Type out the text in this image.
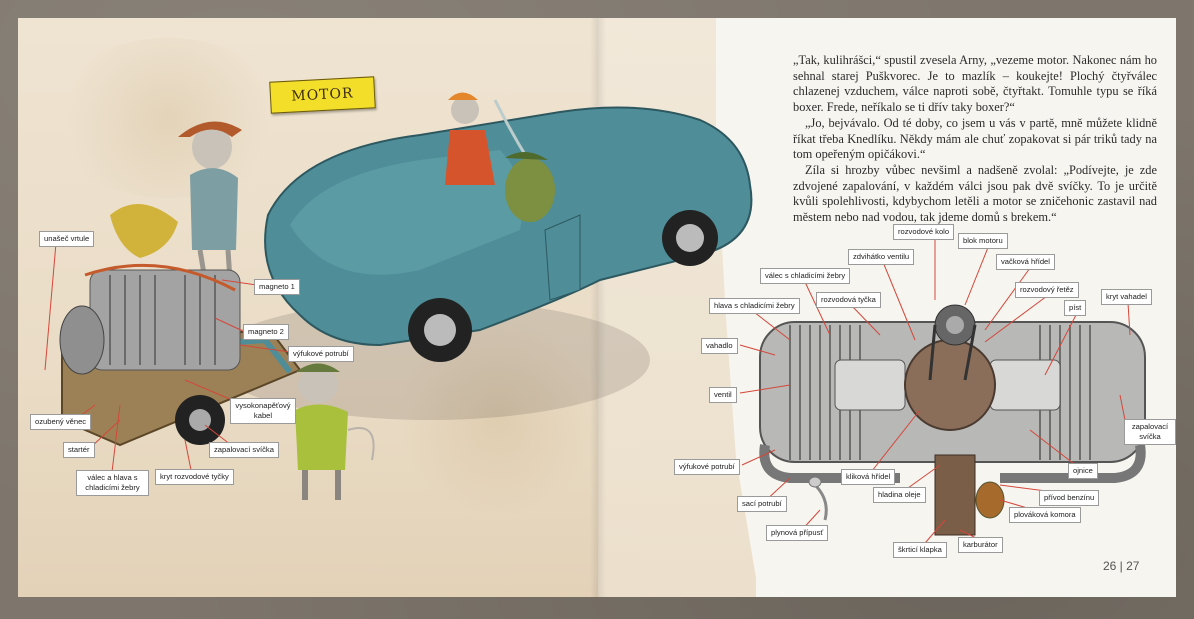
MOTOR
unašeč vrtule
magneto 1
magneto 2
výfukové potrubí
ozubený věnec
vysokonapěťový kabel
startér	zapalovací svíčka
válec a hlava s chladicími žebry
kryt rozvodové tyčky

„Tak, kulihrášci,“ spustil zvesela Arny, „vezeme motor. Nakonec nám ho sehnal starej Puškvorec. Je to mazlík – koukejte! Plochý čtyřválec chlazenej vzduchem, válce naproti sobě, čtyřtakt. Tomuhle typu se říká boxer. Frede, neříkalo se ti dřív taky boxer?“

„Jo, bejvávalo. Od té doby, co jsem u vás v partě, mně můžete klidně říkat třeba Knedlíku. Někdy mám ale chuť zopakovat si pár triků tady na tom opeřeným opičákovi.“

Zíla si hrozby vůbec nevšiml a nadšeně zvolal: „Podívejte, je zde zdvojené zapalování, v každém válci jsou pak dvě svíčky. To je určitě kvůli spolehlivosti, kdybychom letěli a motor se zničehonic zastavil nad městem nebo nad vodou, tak jdeme domů s brekem.“

rozvodové kolo
blok motoru
zdvihátko ventilu
vačková hřídel
válec s chladicími žebry
rozvodový řetěz
rozvodová tyčka
hlava s chladicími žebry	píst
kryt vahadel
vahadlo
ventil
zapalovací svíčka
výfukové potrubí	ojnice
kliková hřídel
přívod benzínu
hladina oleje
sací potrubí
plováková komora
plynová přípusť
škrticí klapka
karburátor
26 | 27
